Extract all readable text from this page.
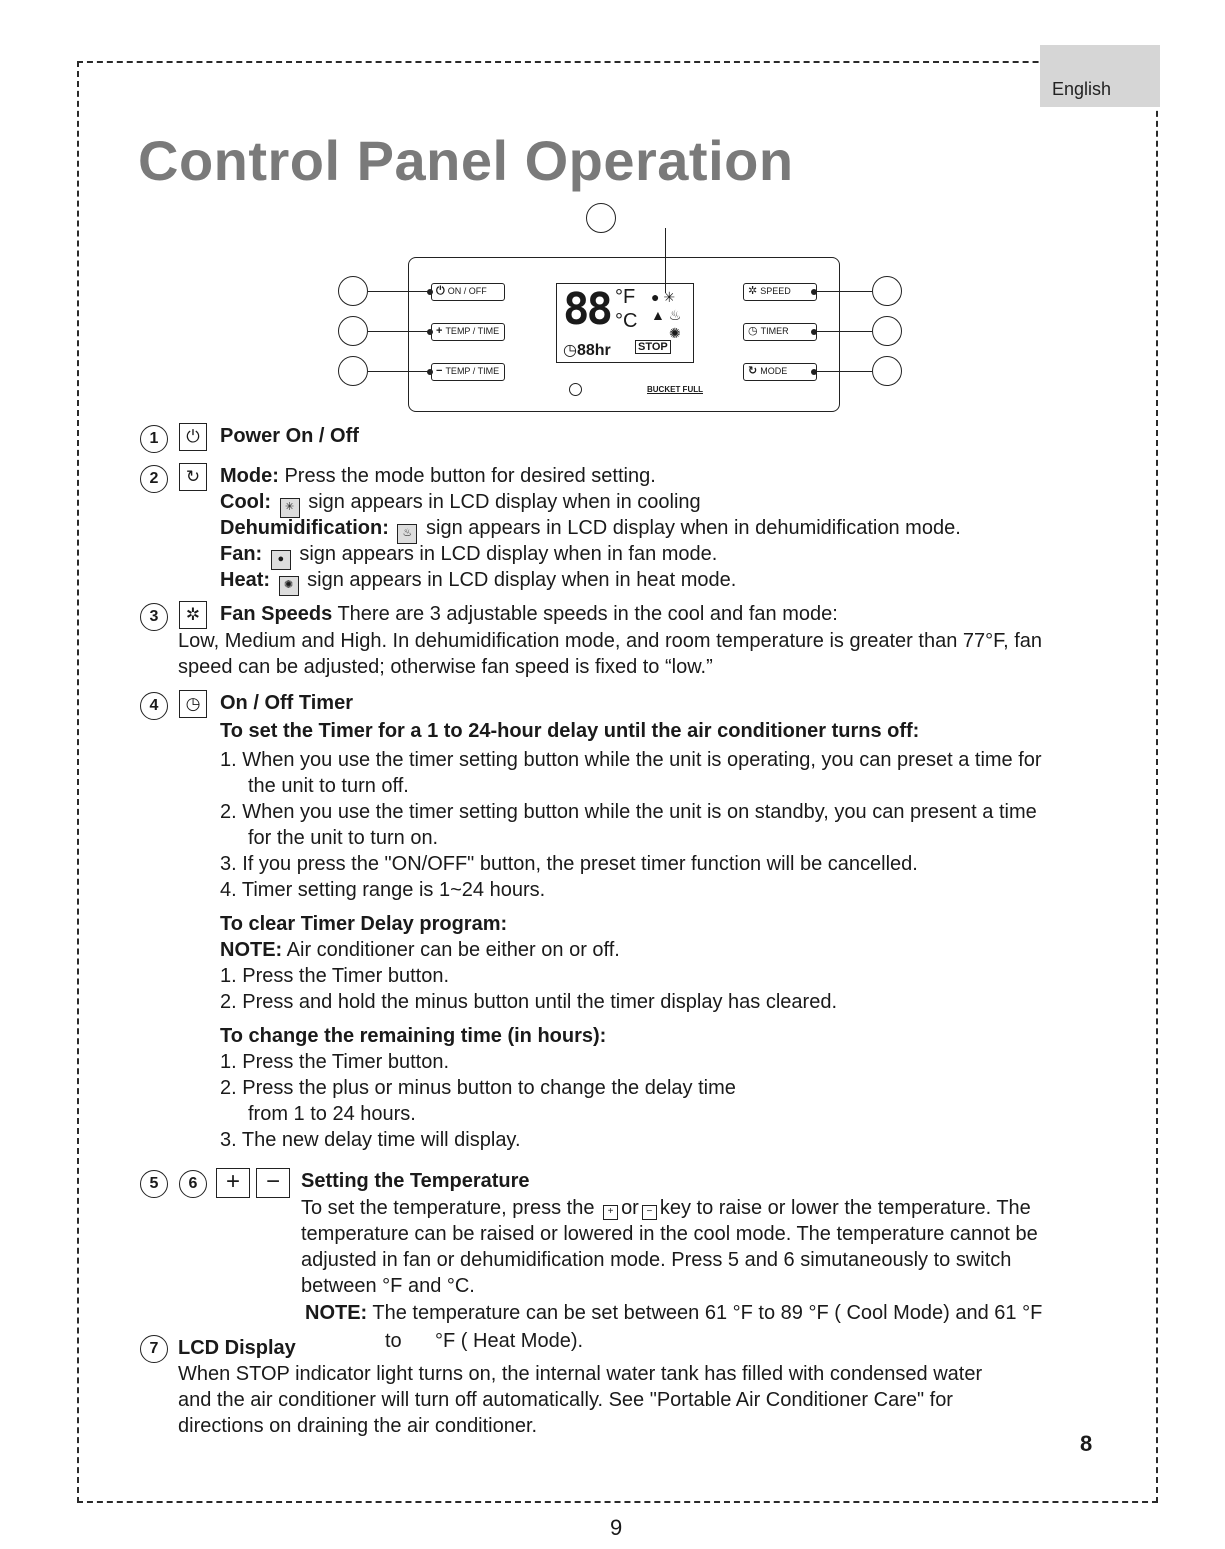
English
Control Panel Operation
⏻ ON / OFF
+ TEMP / TIME
− TEMP / TIME
✲ SPEED
◷ TIMER
↻ MODE
88 °F
°C
● ✳
▲ ♨
✺
◷88hr STOP
BUCKET FULL
1	⏻	Power On / Off
2	↻ Mode: Press the mode button for desired setting.
Cool: ✳ sign appears in LCD display when in cooling
Dehumidification: ♨ sign appears in LCD display when in dehumidification mode.
Fan: ● sign appears in LCD display when in fan mode.
Heat: ✺ sign appears in LCD display when in heat mode.
3	✲ Fan Speeds There are 3 adjustable speeds in the cool and fan mode:
Low, Medium and High. In dehumidification mode, and room temperature is greater than 77°F, fan
speed can be adjusted; otherwise fan speed is fixed to “low.”
4	◷ On / Off Timer
To set the Timer for a 1 to 24-hour delay until the air conditioner turns off:
1. When you use the timer setting button while the unit is operating, you can preset a time for
the unit to turn off.
2. When you use the timer setting button while the unit is on standby, you can present a time
for the unit to turn on.
3. If you press the "ON/OFF" button, the preset timer function will be cancelled.
4. Timer setting range is 1~24 hours.
To clear Timer Delay program:
NOTE: Air conditioner can be either on or off.
1. Press the Timer button.
2. Press and hold the minus button until the timer display has cleared.
To change the remaining time (in hours):
1. Press the Timer button.
2. Press the plus or minus button to change the delay time
from 1 to 24 hours.
3. The new delay time will display.
5	6	+	−	Setting the Temperature
To set the temperature, press the + or − key to raise or lower the temperature. The
temperature can be raised or lowered in the cool mode. The temperature cannot be
adjusted in fan or dehumidification mode. Press 5 and 6 simutaneously to switch
between °F and °C.
NOTE: The temperature can be set between 61 °F to 89 °F ( Cool Mode) and 61 °F
to      °F ( Heat Mode).
7 LCD Display
When STOP indicator light turns on, the internal water tank has filled with condensed water
and the air conditioner will turn off automatically. See "Portable Air Conditioner Care" for
directions on draining the air conditioner.
8
9
